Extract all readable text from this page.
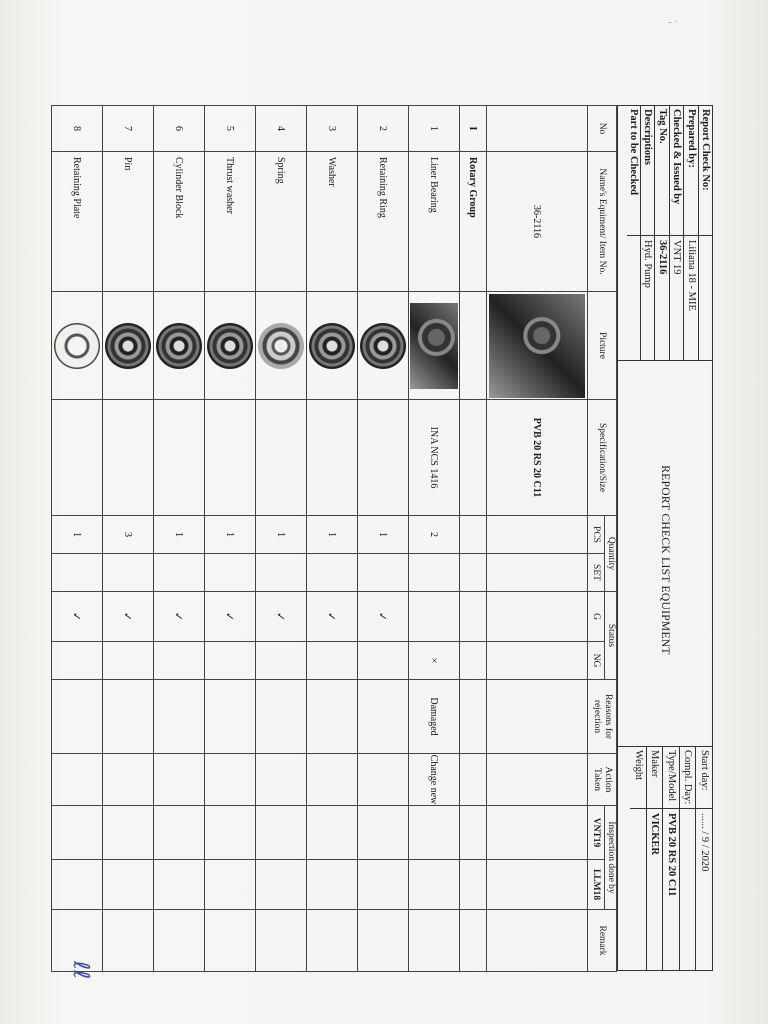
- ·
Report Check No:
Prepared by:
Liliana 18 - MIE
Checked & Issued by
VNT 19
Tag No.
36-2116
Descriptions
Hyd. Pump
Part to be Checked
REPORT CHECK LIST EQUIPMENT
Start day:
...... / 9 / 2020
Compl. Day:
Type/Model
PVB 20 RS 20 C11
Maker
VICKER
Weight
No	Name's Equiment/ Item No.	Picture	Specification/Size	Quantity		Status		Reasons for rejection	Action Taken	Inspection done by		Remark
				PCS	SET	G	NG			VNT19	LLM18	
	36-2116		PVB 20 RS 20 C11									
I	Rotary Group											
1	Liner Bearing		INA NCS 1416	2			×	Damaged	Change new			
2	Retaining Ring			1		✓						
3	Washer			1		✓						
4	Spring			1		✓						
5	Thrust washer			1		✓						
6	Cylinder Block			1		✓						
7	Pin			3		✓						
8	Retaining Plate			1		✓						
ℓℓ
